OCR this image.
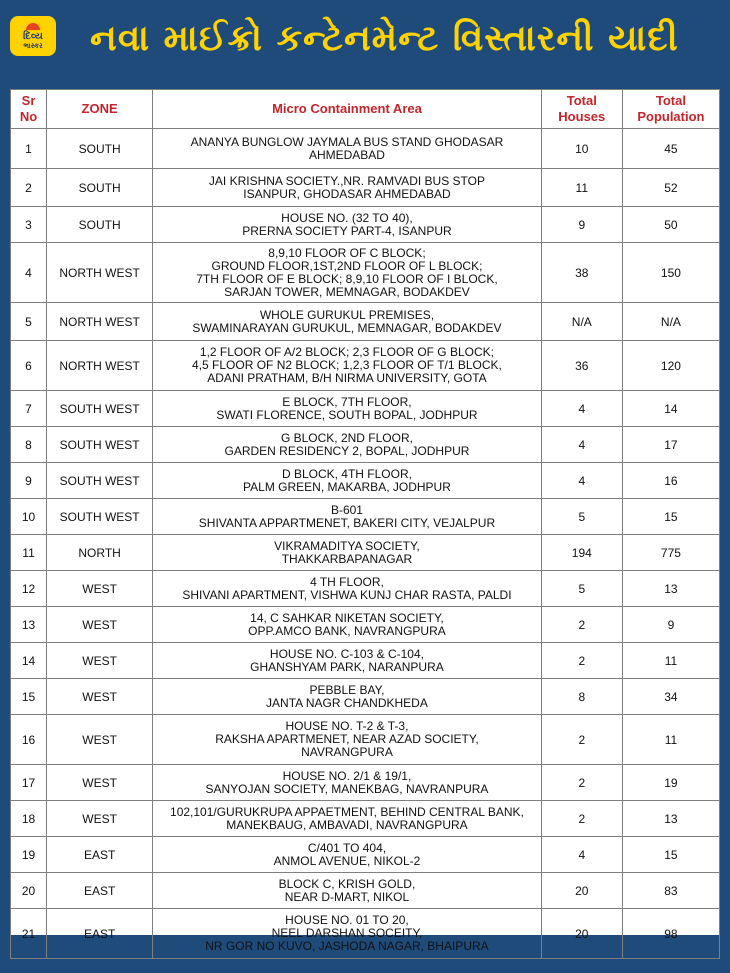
દિવ્ય
ભાસ્કર નવા માઈક્રો કન્ટેનમેન્ટ વિસ્તારની યાદી
Sr No	ZONE	Micro Containment Area	Total Houses	Total Population
1	SOUTH	ANANYA BUNGLOW JAYMALA BUS STAND GHODASAR
AHMEDABAD	10	45
2	SOUTH	JAI KRISHNA SOCIETY.,NR. RAMVADI BUS STOP
ISANPUR, GHODASAR AHMEDABAD	11	52
3	SOUTH	HOUSE NO. (32 TO 40),
PRERNA SOCIETY PART-4, ISANPUR	9	50
4	NORTH WEST	8,9,10 FLOOR OF C BLOCK;
GROUND FLOOR,1ST,2ND FLOOR OF L BLOCK;
7TH FLOOR OF E BLOCK; 8,9,10 FLOOR OF I BLOCK,
SARJAN TOWER, MEMNAGAR, BODAKDEV	38	150
5	NORTH WEST	WHOLE GURUKUL PREMISES,
SWAMINARAYAN GURUKUL, MEMNAGAR, BODAKDEV	N/A	N/A
6	NORTH WEST	1,2 FLOOR OF A/2 BLOCK; 2,3 FLOOR OF G BLOCK;
4,5 FLOOR OF N2 BLOCK; 1,2,3 FLOOR OF T/1 BLOCK,
ADANI PRATHAM, B/H NIRMA UNIVERSITY, GOTA	36	120
7	SOUTH WEST	E BLOCK, 7TH FLOOR,
SWATI FLORENCE, SOUTH BOPAL, JODHPUR	4	14
8	SOUTH WEST	G BLOCK, 2ND FLOOR,
GARDEN RESIDENCY 2, BOPAL, JODHPUR	4	17
9	SOUTH WEST	D BLOCK, 4TH FLOOR,
PALM GREEN, MAKARBA, JODHPUR	4	16
10	SOUTH WEST	B-601
SHIVANTA APPARTMENET, BAKERI CITY, VEJALPUR	5	15
11	NORTH	VIKRAMADITYA SOCIETY,
THAKKARBAPANAGAR	194	775
12	WEST	4 TH FLOOR,
SHIVANI APARTMENT, VISHWA KUNJ CHAR RASTA, PALDI	5	13
13	WEST	14, C SAHKAR NIKETAN SOCIETY,
OPP.AMCO BANK, NAVRANGPURA	2	9
14	WEST	HOUSE NO. C-103 & C-104,
GHANSHYAM PARK, NARANPURA	2	11
15	WEST	PEBBLE BAY,
JANTA NAGR CHANDKHEDA	8	34
16	WEST	HOUSE NO. T-2 & T-3,
RAKSHA APARTMENET, NEAR AZAD SOCIETY,
NAVRANGPURA	2	11
17	WEST	HOUSE NO. 2/1 & 19/1,
SANYOJAN SOCIETY, MANEKBAG, NAVRANPURA	2	19
18	WEST	102,101/GURUKRUPA APPAETMENT, BEHIND CENTRAL BANK,
MANEKBAUG, AMBAVADI, NAVRANGPURA	2	13
19	EAST	C/401 TO 404,
ANMOL AVENUE, NIKOL-2	4	15
20	EAST	BLOCK C, KRISH GOLD,
NEAR D-MART, NIKOL	20	83
21	EAST	HOUSE NO. 01 TO 20,
NEEL DARSHAN SOCEITY,
NR GOR NO KUVO, JASHODA NAGAR, BHAIPURA	20	98
